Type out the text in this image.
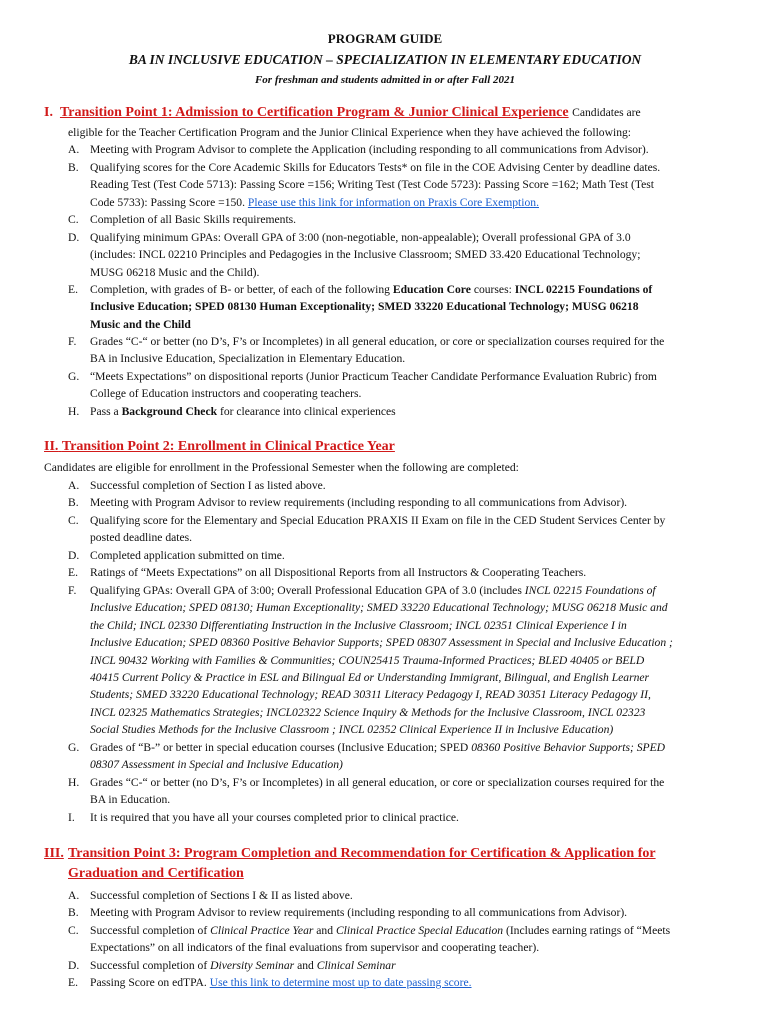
PROGRAM GUIDE
BA IN INCLUSIVE EDUCATION – SPECIALIZATION IN ELEMENTARY EDUCATION
For freshman and students admitted in or after Fall 2021
I. Transition Point 1: Admission to Certification Program & Junior Clinical Experience Candidates are
eligible for the Teacher Certification Program and the Junior Clinical Experience when they have achieved the following:
A. Meeting with Program Advisor to complete the Application (including responding to all communications from Advisor).
B. Qualifying scores for the Core Academic Skills for Educators Tests* on file in the COE Advising Center by deadline dates.
Reading Test (Test Code 5713): Passing Score =156; Writing Test (Test Code 5723): Passing Score =162; Math Test (Test
Code 5733): Passing Score =150. Please use this link for information on Praxis Core Exemption.
C. Completion of all Basic Skills requirements.
D. Qualifying minimum GPAs: Overall GPA of 3:00 (non-negotiable, non-appealable); Overall professional GPA of 3.0
(includes: INCL 02210 Principles and Pedagogies in the Inclusive Classroom; SMED 33.420 Educational Technology;
MUSG 06218 Music and the Child).
E.	Completion, with grades of B- or better, of each of the following Education Core courses: INCL 02215 Foundations of
Inclusive Education; SPED 08130 Human Exceptionality; SMED 33220 Educational Technology; MUSG 06218
Music and the Child
F.	Grades “C-“ or better (no D’s, F’s or Incompletes) in all general education, or core or specialization courses required for the
BA in Inclusive Education, Specialization in Elementary Education.
G. “Meets Expectations” on dispositional reports (Junior Practicum Teacher Candidate Performance Evaluation Rubric) from
College of Education instructors and cooperating teachers.
H. Pass a Background Check for clearance into clinical experiences
II.
Transition Point 2: Enrollment in Clinical Practice Year
Candidates are eligible for enrollment in the Professional Semester when the following are completed:
A. Successful completion of Section I as listed above.
B. Meeting with Program Advisor to review requirements (including responding to all communications from Advisor).
C. Qualifying score for the Elementary and Special Education PRAXIS II Exam on file in the CED Student Services Center by
posted deadline dates.
D. Completed application submitted on time.
E.	Ratings of “Meets Expectations” on all Dispositional Reports from all Instructors & Cooperating Teachers.
F.	Qualifying GPAs: Overall GPA of 3:00; Overall Professional Education GPA of 3.0 (includes INCL 02215 Foundations of
Inclusive Education; SPED 08130; Human Exceptionality; SMED 33220 Educational Technology; MUSG 06218 Music and
the Child; INCL 02330 Differentiating Instruction in the Inclusive Classroom; INCL 02351 Clinical Experience I in
Inclusive Education; SPED 08360 Positive Behavior Supports; SPED 08307 Assessment in Special and Inclusive Education ;
INCL 90432 Working with Families & Communities; COUN25415 Trauma-Informed Practices; BLED 40405 or BELD
40415 Current Policy & Practice in ESL and Bilingual Ed or Understanding Immigrant, Bilingual, and English Learner
Students; SMED 33220 Educational Technology; READ 30311 Literacy Pedagogy I, READ 30351 Literacy Pedagogy II,
INCL 02325 Mathematics Strategies; INCL02322 Science Inquiry & Methods for the Inclusive Classroom, INCL 02323
Social Studies Methods for the Inclusive Classroom ; INCL 02352 Clinical Experience II in Inclusive Education)
G. Grades of “B-” or better in special education courses (Inclusive Education; SPED 08360 Positive Behavior Supports; SPED
08307 Assessment in Special and Inclusive Education)
H. Grades “C-“ or better (no D’s, F’s or Incompletes) in all general education, or core or specialization courses required for the
BA in Education.
I.	It is required that you have all your courses completed prior to clinical practice.
III. Transition Point 3: Program Completion and Recommendation for Certification & Application for
Graduation and Certification
A. Successful completion of Sections I & II as listed above.
B. Meeting with Program Advisor to review requirements (including responding to all communications from Advisor).
C. Successful completion of Clinical Practice Year and Clinical Practice Special Education (Includes earning ratings of “Meets
Expectations” on all indicators of the final evaluations from supervisor and cooperating teacher).
D. Successful completion of Diversity Seminar and Clinical Seminar
E.	Passing Score on edTPA. Use this link to determine most up to date passing score.
